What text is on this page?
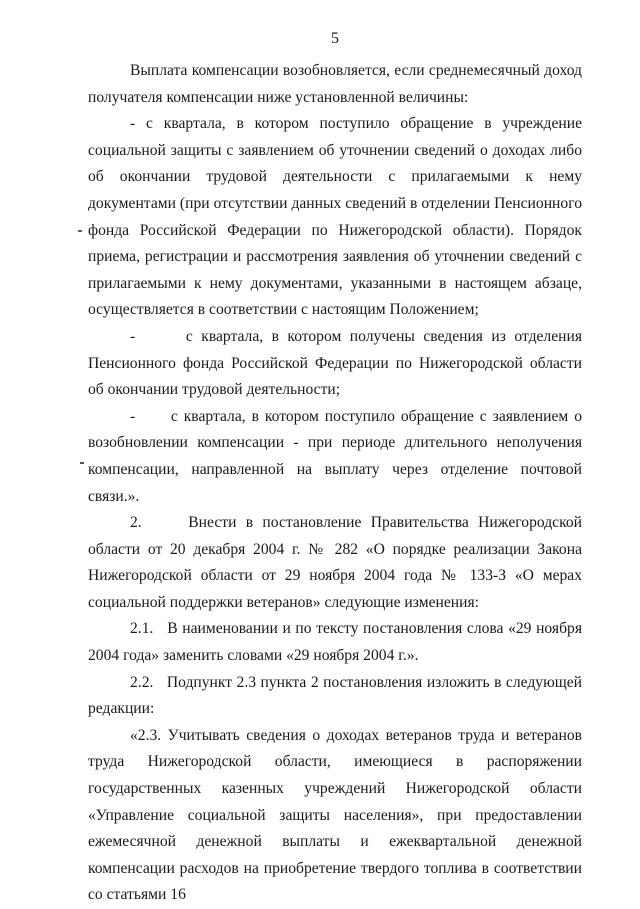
5

Выплата компенсации возобновляется, если среднемесячный доход получателя компенсации ниже установленной величины:

- с квартала, в котором поступило обращение в учреждение социальной защиты с заявлением об уточнении сведений о доходах либо об окончании трудовой деятельности с прилагаемыми к нему документами (при отсутствии данных сведений в отделении Пенсионного фонда Российской Федерации по Нижегородской области). Порядок приема, регистрации и рассмотрения заявления об уточнении сведений с прилагаемыми к нему документами, указанными в настоящем абзаце, осуществляется в соответствии с настоящим Положением;

-      с квартала, в котором получены сведения из отделения Пенсионного фонда Российской Федерации по Нижегородской области об окончании трудовой деятельности;

-      с квартала, в котором поступило обращение с заявлением о возобновлении компенсации - при периоде длительного неполучения компенсации, направленной на выплату через отделение почтовой связи.».

2.     Внести в постановление Правительства Нижегородской области от 20 декабря 2004 г. № 282 «О порядке реализации Закона Нижегородской области от 29 ноября 2004 года № 133-З «О мерах социальной поддержки ветеранов» следующие изменения:

2.1.   В наименовании и по тексту постановления слова «29 ноября 2004 года» заменить словами «29 ноября 2004 г.».

2.2.   Подпункт 2.3 пункта 2 постановления изложить в следующей редакции:

«2.3. Учитывать сведения о доходах ветеранов труда и ветеранов труда Нижегородской области, имеющиеся в распоряжении государственных казенных учреждений Нижегородской области «Управление социальной защиты населения», при предоставлении ежемесячной денежной выплаты и ежеквартальной денежной компенсации расходов на приобретение твердого топлива в соответствии со статьями 16
